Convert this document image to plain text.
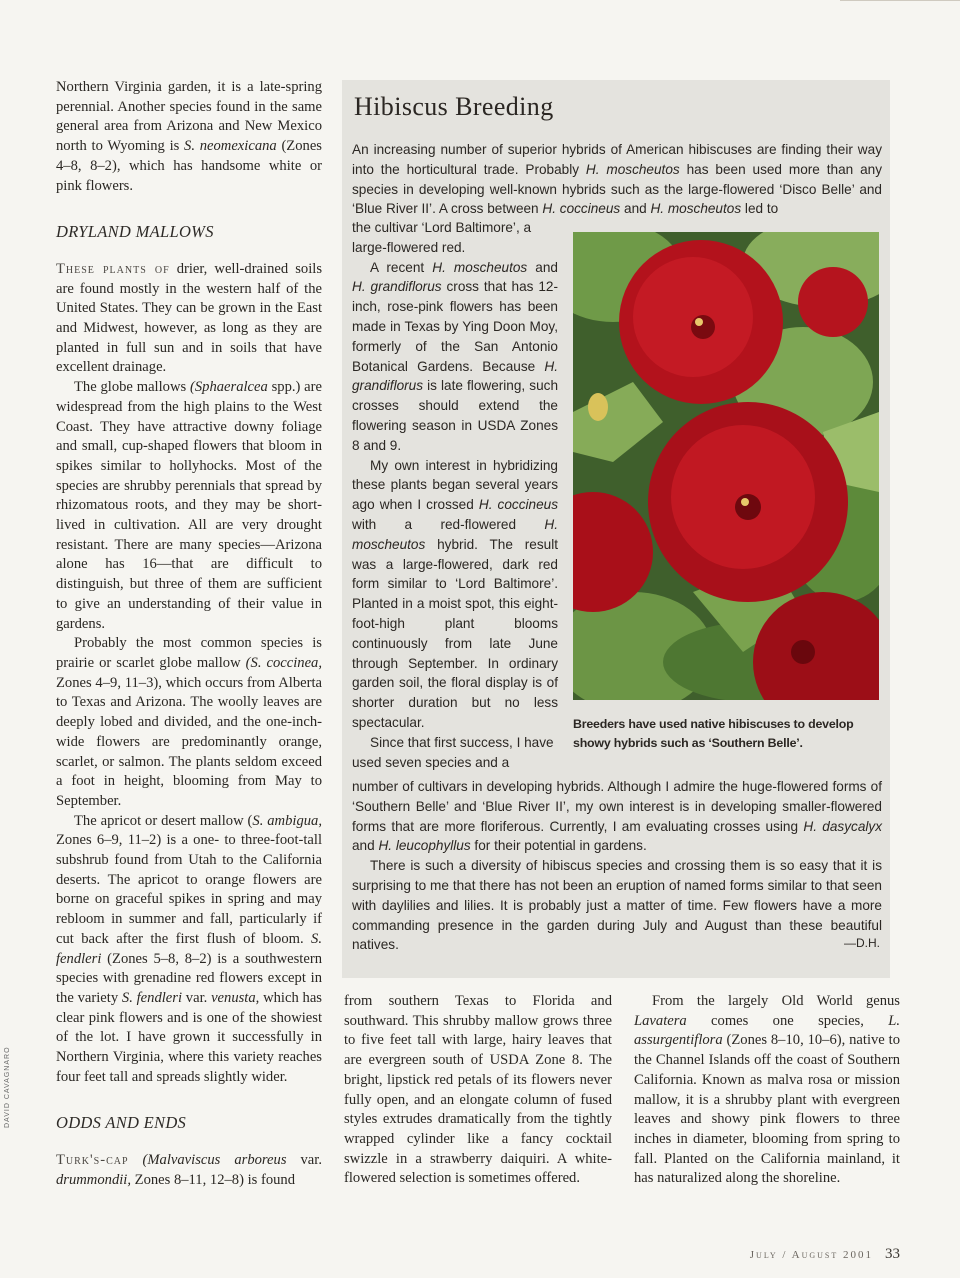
Northern Virginia garden, it is a late-spring perennial. Another species found in the same general area from Arizona and New Mexico north to Wyoming is S. neomexicana (Zones 4–8, 8–2), which has handsome white or pink flowers.

DRYLAND MALLOWS

These plants of drier, well-drained soils are found mostly in the western half of the United States. They can be grown in the East and Midwest, however, as long as they are planted in full sun and in soils that have excellent drainage.

The globe mallows (Sphaeralcea spp.) are widespread from the high plains to the West Coast. They have attractive downy foliage and small, cup-shaped flowers that bloom in spikes similar to hollyhocks. Most of the species are shrubby perennials that spread by rhizomatous roots, and they may be short-lived in cultivation. All are very drought resistant. There are many species—Arizona alone has 16—that are difficult to distinguish, but three of them are sufficient to give an understanding of their value in gardens.

Probably the most common species is prairie or scarlet globe mallow (S. coccinea, Zones 4–9, 11–3), which occurs from Alberta to Texas and Arizona. The woolly leaves are deeply lobed and divided, and the one-inch-wide flowers are predominantly orange, scarlet, or salmon. The plants seldom exceed a foot in height, blooming from May to September.

The apricot or desert mallow (S. ambigua, Zones 6–9, 11–2) is a one- to three-foot-tall subshrub found from Utah to the California deserts. The apricot to orange flowers are borne on graceful spikes in spring and may rebloom in summer and fall, particularly if cut back after the first flush of bloom. S. fendleri (Zones 5–8, 8–2) is a southwestern species with grenadine red flowers except in the variety S. fendleri var. venusta, which has clear pink flowers and is one of the showiest of the lot. I have grown it successfully in Northern Virginia, where this variety reaches four feet tall and spreads slightly wider.

ODDS AND ENDS

Turk's-cap (Malvaviscus arboreus var. drummondii, Zones 8–11, 12–8) is found

Hibiscus Breeding

An increasing number of superior hybrids of American hibiscuses are finding their way into the horticultural trade. Probably H. moscheutos has been used more than any species in developing well-known hybrids such as the large-flowered ‘Disco Belle’ and ‘Blue River II’. A cross between H. coccineus and H. moscheutos led to

the cultivar ‘Lord Baltimore’, a large-flowered red.

A recent H. moscheutos and H. grandiflorus cross that has 12-inch, rose-pink flowers has been made in Texas by Ying Doon Moy, formerly of the San Antonio Botanical Gardens. Because H. grandiflorus is late flowering, such crosses should extend the flowering season in USDA Zones 8 and 9.

My own interest in hybridizing these plants began several years ago when I crossed H. coccineus with a red-flowered H. moscheutos hybrid. The result was a large-flowered, dark red form similar to ‘Lord Baltimore’. Planted in a moist spot, this eight-foot-high plant blooms continuously from late June through September. In ordinary garden soil, the floral display is of shorter duration but no less spectacular.

Since that first success, I have used seven species and a

Breeders have used native hibiscuses to develop showy hybrids such as ‘Southern Belle’.

number of cultivars in developing hybrids. Although I admire the huge-flowered forms of ‘Southern Belle’ and ‘Blue River II’, my own interest is in developing smaller-flowered forms that are more floriferous. Currently, I am evaluating crosses using H. dasycalyx and H. leucophyllus for their potential in gardens.

There is such a diversity of hibiscus species and crossing them is so easy that it is surprising to me that there has not been an eruption of named forms similar to that seen with daylilies and lilies. It is probably just a matter of time. Few flowers have a more commanding presence in the garden during July and August than these beautiful natives.	—D.H.

from southern Texas to Florida and southward. This shrubby mallow grows three to five feet tall with large, hairy leaves that are evergreen south of USDA Zone 8. The bright, lipstick red petals of its flowers never fully open, and an elongate column of fused styles extrudes dramatically from the tightly wrapped cylinder like a fancy cocktail swizzle in a strawberry daiquiri. A white-flowered selection is sometimes offered.

From the largely Old World genus Lavatera comes one species, L. assurgentiflora (Zones 8–10, 10–6), native to the Channel Islands off the coast of Southern California. Known as malva rosa or mission mallow, it is a shrubby plant with evergreen leaves and showy pink flowers to three inches in diameter, blooming from spring to fall. Planted on the California mainland, it has naturalized along the shoreline.

DAVID CAVAGNARO
July / August 2001 33
